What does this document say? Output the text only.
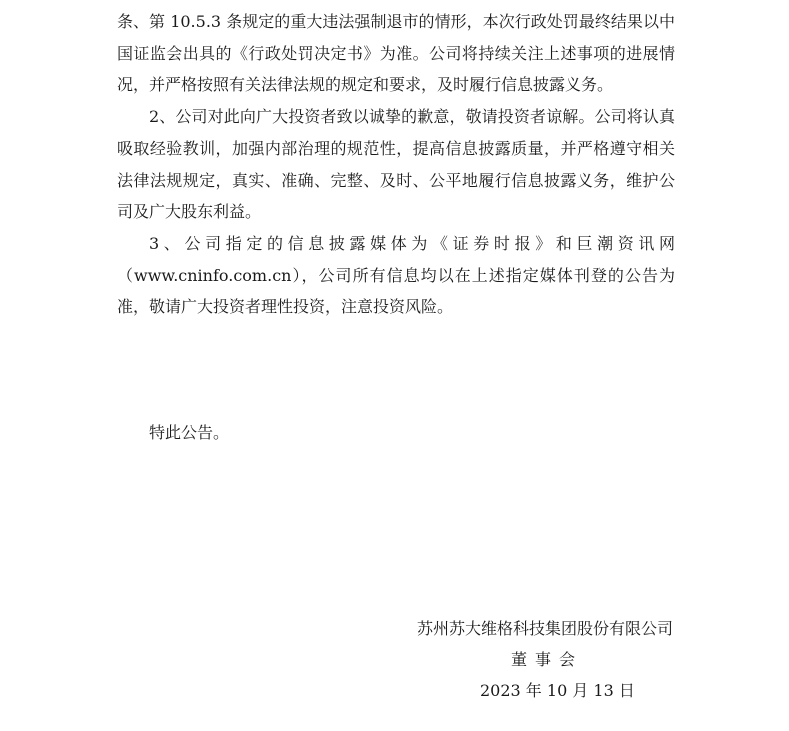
条、第 10.5.3 条规定的重大违法强制退市的情形，本次行政处罚最终结果以中国证监会出具的《行政处罚决定书》为准。公司将持续关注上述事项的进展情况，并严格按照有关法律法规的规定和要求，及时履行信息披露义务。

2、公司对此向广大投资者致以诚挚的歉意，敬请投资者谅解。公司将认真吸取经验教训，加强内部治理的规范性，提高信息披露质量，并严格遵守相关法律法规规定，真实、准确、完整、及时、公平地履行信息披露义务，维护公司及广大股东利益。

3、公司指定的信息披露媒体为《证券时报》和巨潮资讯网（www.cninfo.com.cn），公司所有信息均以在上述指定媒体刊登的公告为准，敬请广大投资者理性投资，注意投资风险。

特此公告。
苏州苏大维格科技集团股份有限公司
董事会
2023 年 10 月 13 日
